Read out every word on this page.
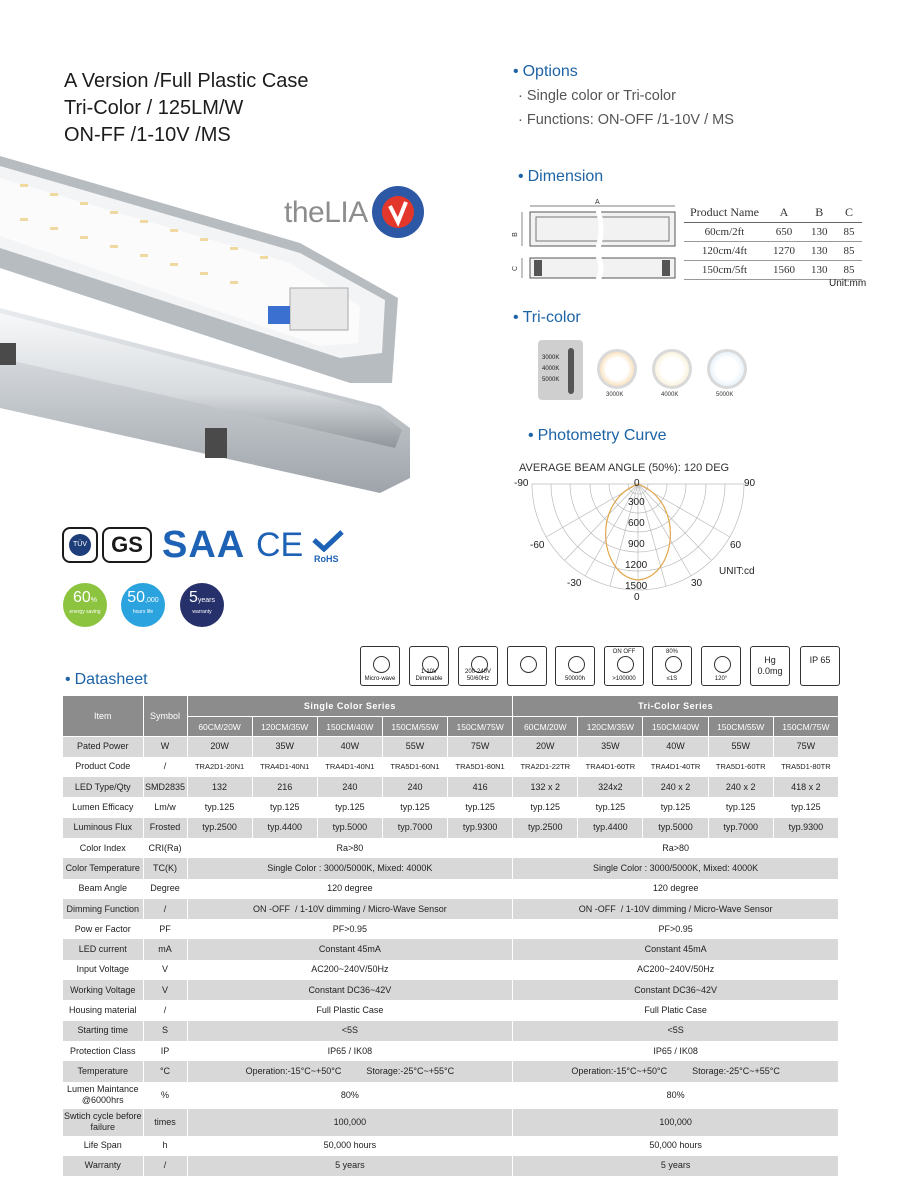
A Version /Full Plastic Case
Tri-Color / 125LM/W
ON-FF /1-10V /MS
theLIA
TÜV	GS SAA CE RoHS
60%
energy saving
50,000
hours life
5years
warranty
• Options
· Single color or Tri-color
· Functions: ON-OFF /1-10V / MS
• Dimension
A
B
C
Product Name	A	B	C
60cm/2ft	650	130	85
120cm/4ft	1270	130	85
150cm/5ft	1560	130	85
Unit:mm
• Tri-color
3000K
4000K
5000K
3000K	4000K	5000K
• Photometry Curve
AVERAGE BEAM ANGLE (50%): 120 DEG
-90	90
0
-60	60
-30	30
0
300
600
900
1200
1500
UNIT:cd
Micro-wave
1-10V Dimmable
200-240V 50/60Hz	50000h
ON OFF
>100000
80%
≤1S	120°
Hg 0.0mg
IP 65
• Datasheet
Item	Symbol	Single Color Series					Tri-Color Series				
		60CM/20W	120CM/35W	150CM/40W	150CM/55W	150CM/75W	60CM/20W	120CM/35W	150CM/40W	150CM/55W	150CM/75W
Pated Power	W	20W	35W	40W	55W	75W	20W	35W	40W	55W	75W
Product Code	/	TRA2D1-20N1	TRA4D1-40N1	TRA4D1-40N1	TRA5D1-60N1	TRA5D1-80N1	TRA2D1-22TR	TRA4D1-60TR	TRA4D1-40TR	TRA5D1-60TR	TRA5D1-80TR
LED Type/Qty	SMD2835	132	216	240	240	416	132 x 2	324x2	240 x 2	240 x 2	418 x 2
Lumen Efficacy	Lm/w	typ.125	typ.125	typ.125	typ.125	typ.125	typ.125	typ.125	typ.125	typ.125	typ.125
Luminous Flux	Frosted	typ.2500	typ.4400	typ.5000	typ.7000	typ.9300	typ.2500	typ.4400	typ.5000	typ.7000	typ.9300
Color Index	CRI(Ra)	Ra>80					Ra>80				
Color Temperature	TC(K)	Single Color : 3000/5000K, Mixed: 4000K					Single Color : 3000/5000K, Mixed: 4000K				
Beam Angle	Degree	120 degree					120 degree				
Dimming Function	/	ON -OFF  / 1-10V dimming / Micro-Wave Sensor					ON -OFF  / 1-10V dimming / Micro-Wave Sensor				
Pow er Factor	PF	PF>0.95					PF>0.95				
LED current	mA	Constant 45mA					Constant 45mA				
Input Voltage	V	AC200~240V/50Hz					AC200~240V/50Hz				
Working Voltage	V	Constant DC36~42V					Constant DC36~42V				
Housing material	/	Full Plastic Case					Full Platic Case				
Starting time	S	<5S					<5S				
Protection Class	IP	IP65 / IK08					IP65 / IK08				
Temperature	°C	Operation:-15°C~+50°C          Storage:-25°C~+55°C					Operation:-15°C~+50°C          Storage:-25°C~+55°C				
Lumen Maintance @6000hrs	%	80%					80%				
Swtich cycle before failure	times	100,000					100,000				
Life Span	h	50,000 hours					50,000 hours				
Warranty	/	5 years					5 years				
